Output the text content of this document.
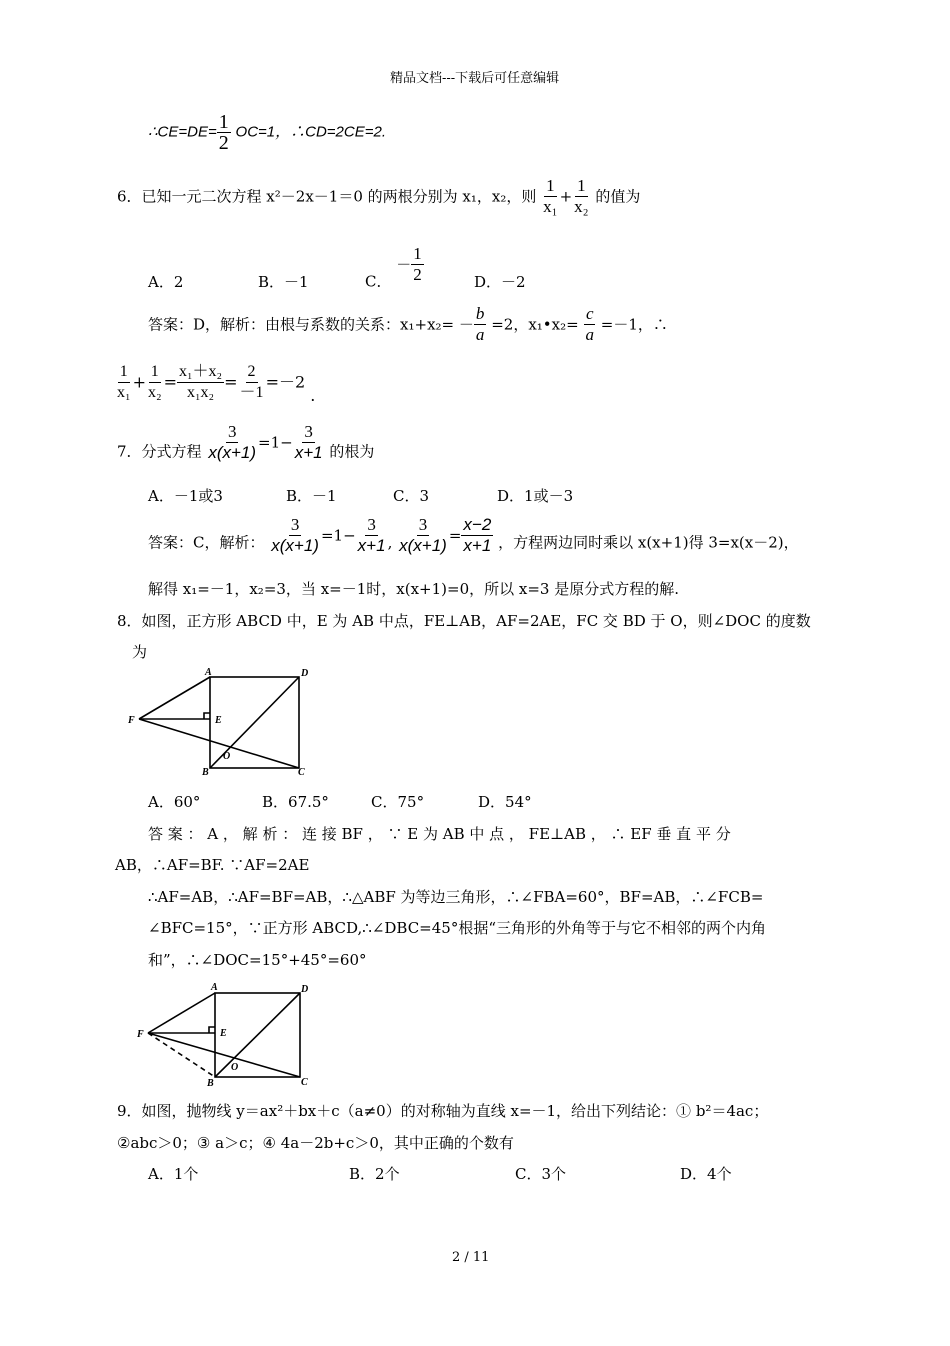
精品文档---下载后可任意编辑
∴CE=DE= $\frac{1}{2} OC=1$，∴CD=2CE=2.
6．已知一元二次方程 x²－2x－1＝0 的两根分别为 x₁，x₂，则 $\frac{1}{\text{x₁}} + \frac{1}{\text{x₂}}$ 的值为
A．2	B．－1	C． － $\frac{1}{2}$	D．－2
答案：D，解析：由根与系数的关系：$x_1+x_2= - \frac{b}{a} =2$，x₁•x₂= $\frac{c}{a} =-1$，∴
$\frac{1}{\text{x₁}} + \frac{1}{\text{x₂}} = \frac{\text{x₁＋x₂}}{\text{x₁x₂}} = \frac{2}{-1} =-2$ .
7．分式方程 $\frac{3}{x(x+1)} =1- \frac{3}{x+1}$ 的根为
A．－1或3	B．－1	C．3	D．1或－3
答案：C，解析： $\frac{3}{x(x+1)} =1- \frac{3}{x+1}$ , $\frac{3}{x(x+1)} = \frac{x-2}{x+1}$ ，方程两边同时乘以 x(x+1)得 3=x(x－2)，
解得 x₁=－1，x₂=3，当 x=－1时，x(x+1)=0，所以 x=3 是原分式方程的解.
8．如图，正方形 ABCD 中，E 为 AB 中点，FE⊥AB，AF=2AE，FC 交 BD 于 O，则∠DOC 的度数
为
A	D
F	E
O
B	C
A．60°	B．67.5°	C．75°	D．54°
答 案 ： A ， 解 析 ： 连 接 BF ， ∵ E 为 AB 中 点 ， FE⊥AB ， ∴ EF 垂 直 平 分
AB，∴AF=BF. ∵AF=2AE
∴AF=AB，∴AF=BF=AB，∴△ABF 为等边三角形，∴∠FBA=60°，BF=AB，∴∠FCB=
∠BFC=15°，∵正方形 ABCD,∴∠DBC=45°根据“三角形的外角等于与它不相邻的两个内角
和”，∴∠DOC=15°+45°=60°
A	D
F	E
O
B	C
9．如图，抛物线 y＝ax²＋bx＋c（a≠0）的对称轴为直线 x=－1，给出下列结论：① b²＝4ac；
②abc＞0；③ a＞c；④ 4a－2b+c＞0，其中正确的个数有
A．1个	B．2个	C．3个	D．4个
2 / 11
